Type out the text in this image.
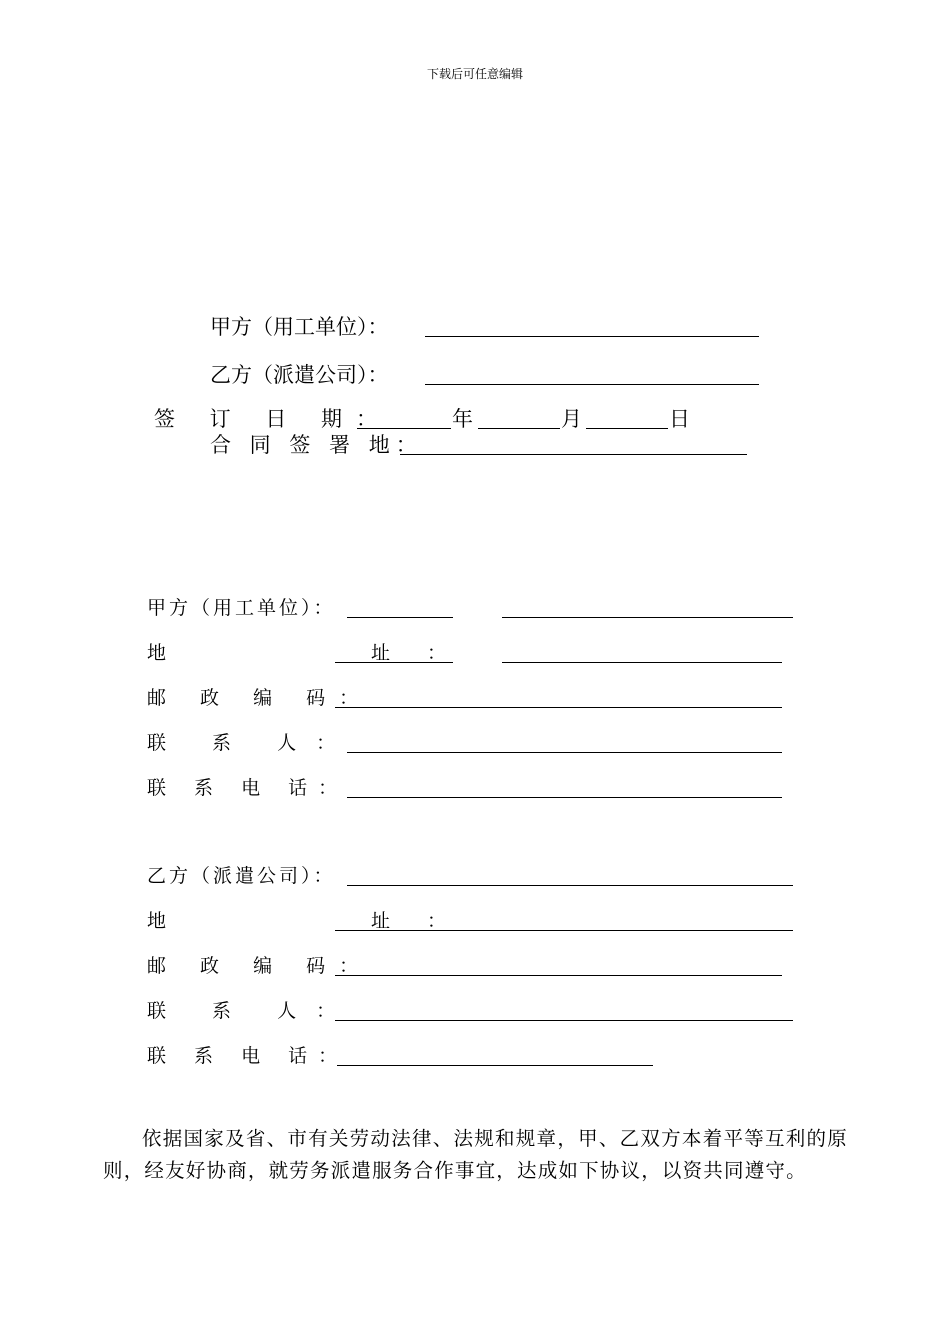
下载后可任意编辑
甲方（用工单位）：
乙方（派遣公司）：
签 订 日 期：	年	月	日
合 同 签 署 地：
甲方（用工单位）：
地　　　址：
邮 政 编 码：
联 系 人：
联 系 电 话：
乙方（派遣公司）：
地　　　址：
邮 政 编 码：
联 系 人：
联 系 电 话：
依据国家及省、市有关劳动法律、法规和规章，甲、乙双方本着平等互利的原则，经友好协商，就劳务派遣服务合作事宜，达成如下协议，以资共同遵守。
